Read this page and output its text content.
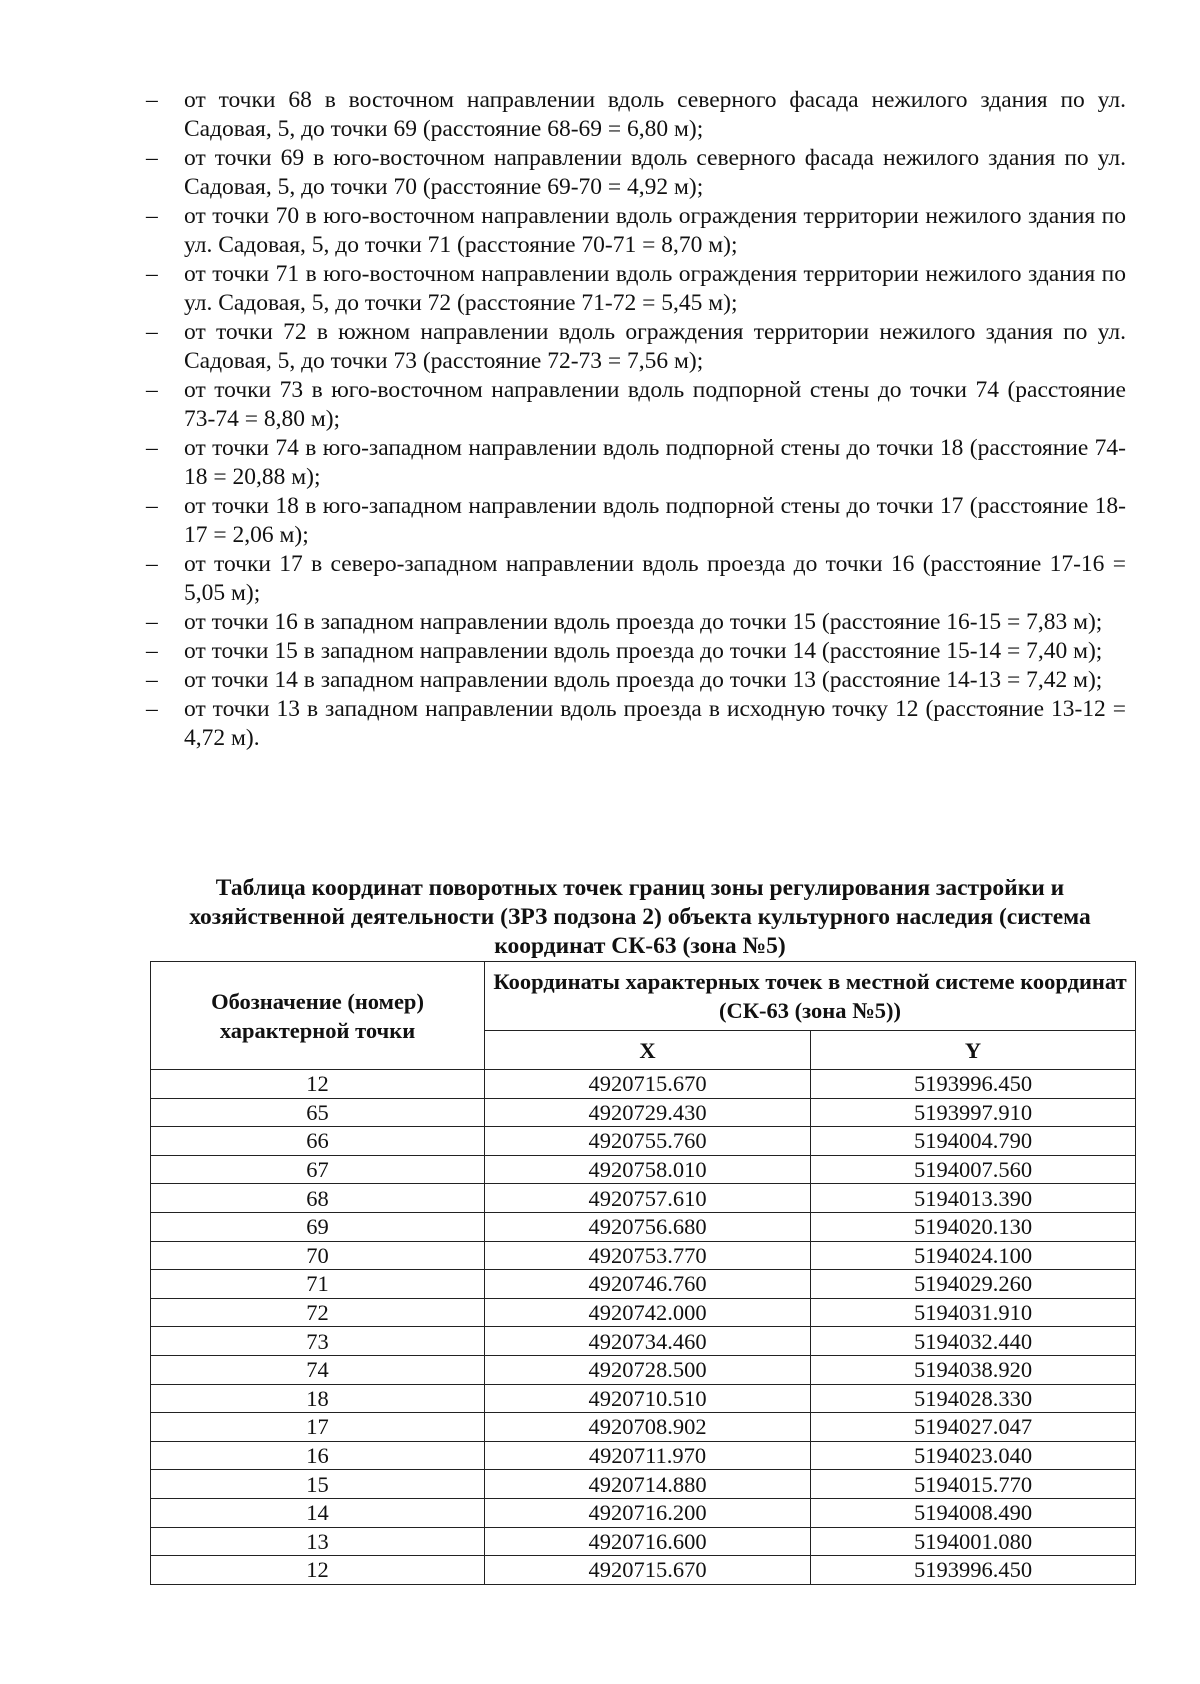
– от точки 68 в восточном направлении вдоль северного фасада нежилого здания по ул. Садовая, 5, до точки 69 (расстояние 68-69 = 6,80 м);
– от точки 69 в юго-восточном направлении вдоль северного фасада нежилого здания по ул. Садовая, 5, до точки 70 (расстояние 69-70 = 4,92 м);
– от точки 70 в юго-восточном направлении вдоль ограждения территории нежилого здания по ул. Садовая, 5, до точки 71 (расстояние 70-71 = 8,70 м);
– от точки 71 в юго-восточном направлении вдоль ограждения территории нежилого здания по ул. Садовая, 5, до точки 72 (расстояние 71-72 = 5,45 м);
– от точки 72 в южном направлении вдоль ограждения территории нежилого здания по ул. Садовая, 5, до точки 73 (расстояние 72-73 = 7,56 м);
– от точки 73 в юго-восточном направлении вдоль подпорной стены до точки 74 (расстояние 73-74 = 8,80 м);
– от точки 74 в юго-западном направлении вдоль подпорной стены до точки 18 (расстояние 74-18 = 20,88 м);
– от точки 18 в юго-западном направлении вдоль подпорной стены до точки 17 (расстояние 18-17 = 2,06 м);
– от точки 17 в северо-западном направлении вдоль проезда до точки 16 (расстояние 17-16 = 5,05 м);
– от точки 16 в западном направлении вдоль проезда до точки 15 (расстояние 16-15 = 7,83 м);
– от точки 15 в западном направлении вдоль проезда до точки 14 (расстояние 15-14 = 7,40 м);
– от точки 14 в западном направлении вдоль проезда до точки 13 (расстояние 14-13 = 7,42 м);
– от точки 13 в западном направлении вдоль проезда в исходную точку 12 (расстояние 13-12 = 4,72 м).
Таблица координат поворотных точек границ зоны регулирования застройки и хозяйственной деятельности (ЗРЗ подзона 2) объекта культурного наследия (система координат СК-63 (зона №5)
Обозначение (номер) характерной точки	Координаты характерных точек в местной системе координат (СК-63 (зона №5))	
	X	Y
12	4920715.670	5193996.450
65	4920729.430	5193997.910
66	4920755.760	5194004.790
67	4920758.010	5194007.560
68	4920757.610	5194013.390
69	4920756.680	5194020.130
70	4920753.770	5194024.100
71	4920746.760	5194029.260
72	4920742.000	5194031.910
73	4920734.460	5194032.440
74	4920728.500	5194038.920
18	4920710.510	5194028.330
17	4920708.902	5194027.047
16	4920711.970	5194023.040
15	4920714.880	5194015.770
14	4920716.200	5194008.490
13	4920716.600	5194001.080
12	4920715.670	5193996.450
